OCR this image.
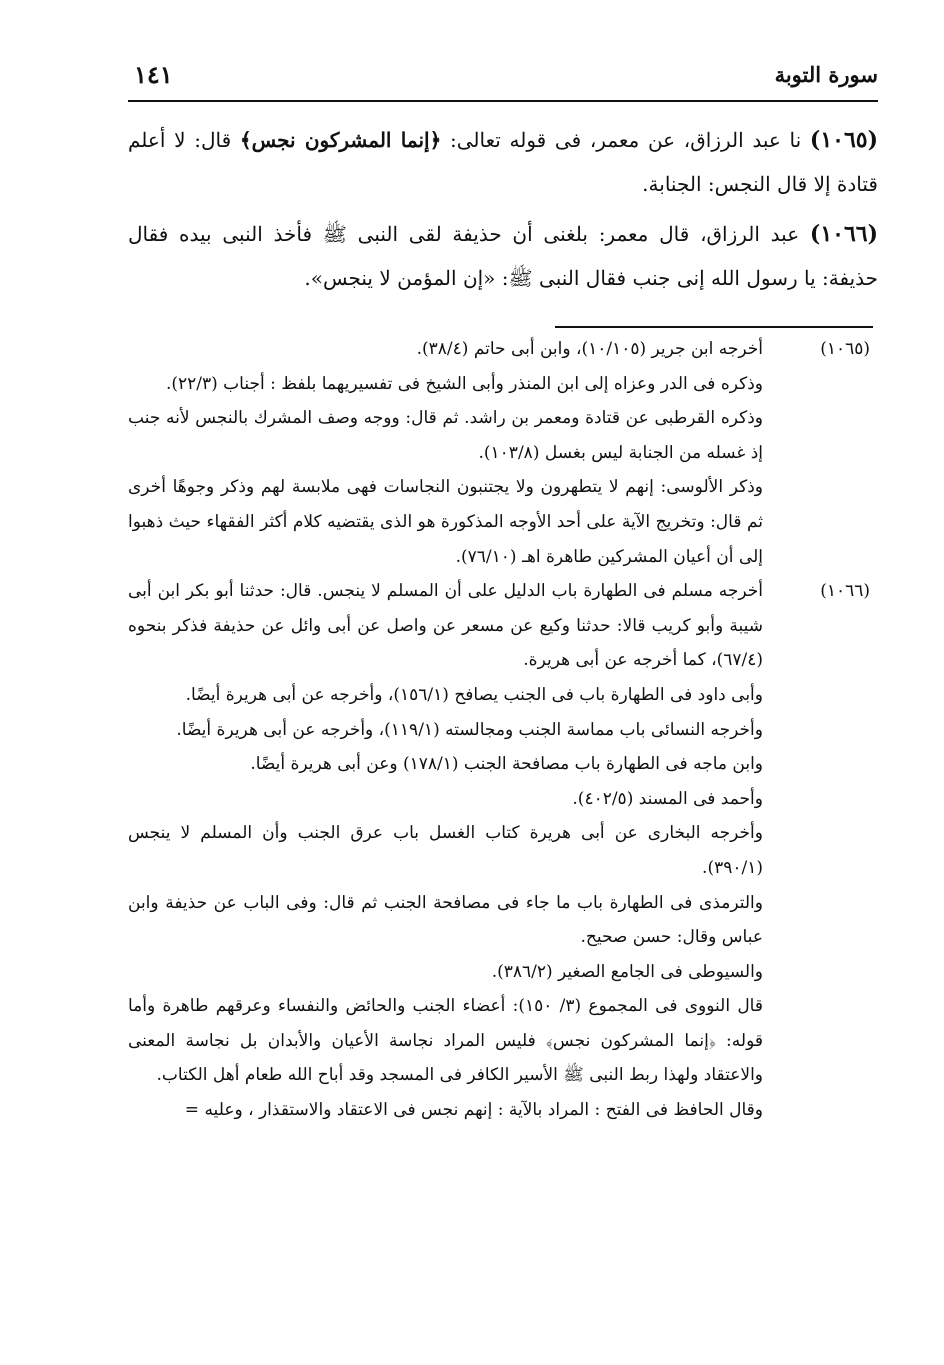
سورة التوبة
١٤١

(١٠٦٥) نا عبد الرزاق، عن معمر، فى قوله تعالى: ﴿إنما المشركون نجس﴾ قال: لا أعلم قتادة إلا قال النجس: الجنابة.

(١٠٦٦) عبد الرزاق، قال معمر: بلغنى أن حذيفة لقى النبى ﷺ فأخذ النبى بيده فقال حذيفة: يا رسول الله إنى جنب فقال النبى ﷺ: «إن المؤمن لا ينجس».

(١٠٦٥)

أخرجه ابن جرير (١٠/١٠٥)، وابن أبى حاتم (٣٨/٤).

وذكره فى الدر وعزاه إلى ابن المنذر وأبى الشيخ فى تفسيريهما بلفظ : أجناب (٢٢/٣).

وذكره القرطبى عن قتادة ومعمر بن راشد. ثم قال: ووجه وصف المشرك بالنجس لأنه جنب إذ غسله من الجنابة ليس بغسل (١٠٣/٨).

وذكر الألوسى: إنهم لا يتطهرون ولا يجتنبون النجاسات فهى ملابسة لهم وذكر وجوهًا أخرى ثم قال: وتخريج الآية على أحد الأوجه المذكورة هو الذى يقتضيه كلام أكثر الفقهاء حيث ذهبوا إلى أن أعيان المشركين طاهرة اهـ (٧٦/١٠).

(١٠٦٦)

أخرجه مسلم فى الطهارة باب الدليل على أن المسلم لا ينجس. قال: حدثنا أبو بكر ابن أبى شيبة وأبو كريب قالا: حدثنا وكيع عن مسعر عن واصل عن أبى وائل عن حذيفة فذكر بنحوه (٦٧/٤)، كما أخرجه عن أبى هريرة.

وأبى داود فى الطهارة باب فى الجنب يصافح (١٥٦/١)، وأخرجه عن أبى هريرة أيضًا.

وأخرجه النسائى باب مماسة الجنب ومجالسته (١١٩/١)، وأخرجه عن أبى هريرة أيضًا.

وابن ماجه فى الطهارة باب مصافحة الجنب (١٧٨/١) وعن أبى هريرة أيضًا.

وأحمد فى المسند (٤٠٢/٥).

وأخرجه البخارى عن أبى هريرة كتاب الغسل باب عرق الجنب وأن المسلم لا ينجس (٣٩٠/١).

والترمذى فى الطهارة باب ما جاء فى مصافحة الجنب ثم قال: وفى الباب عن حذيفة وابن عباس وقال: حسن صحيح.

والسيوطى فى الجامع الصغير (٣٨٦/٢).

قال النووى فى المجموع (٣/ ١٥٠): أعضاء الجنب والحائض والنفساء وعرقهم طاهرة وأما قوله: ﴿إنما المشركون نجس﴾ فليس المراد نجاسة الأعيان والأبدان بل نجاسة المعنى والاعتقاد ولهذا ربط النبى ﷺ الأسير الكافر فى المسجد وقد أباح الله طعام أهل الكتاب.

وقال الحافظ فى الفتح : المراد بالآية : إنهم نجس فى الاعتقاد والاستقذار ، وعليه =
